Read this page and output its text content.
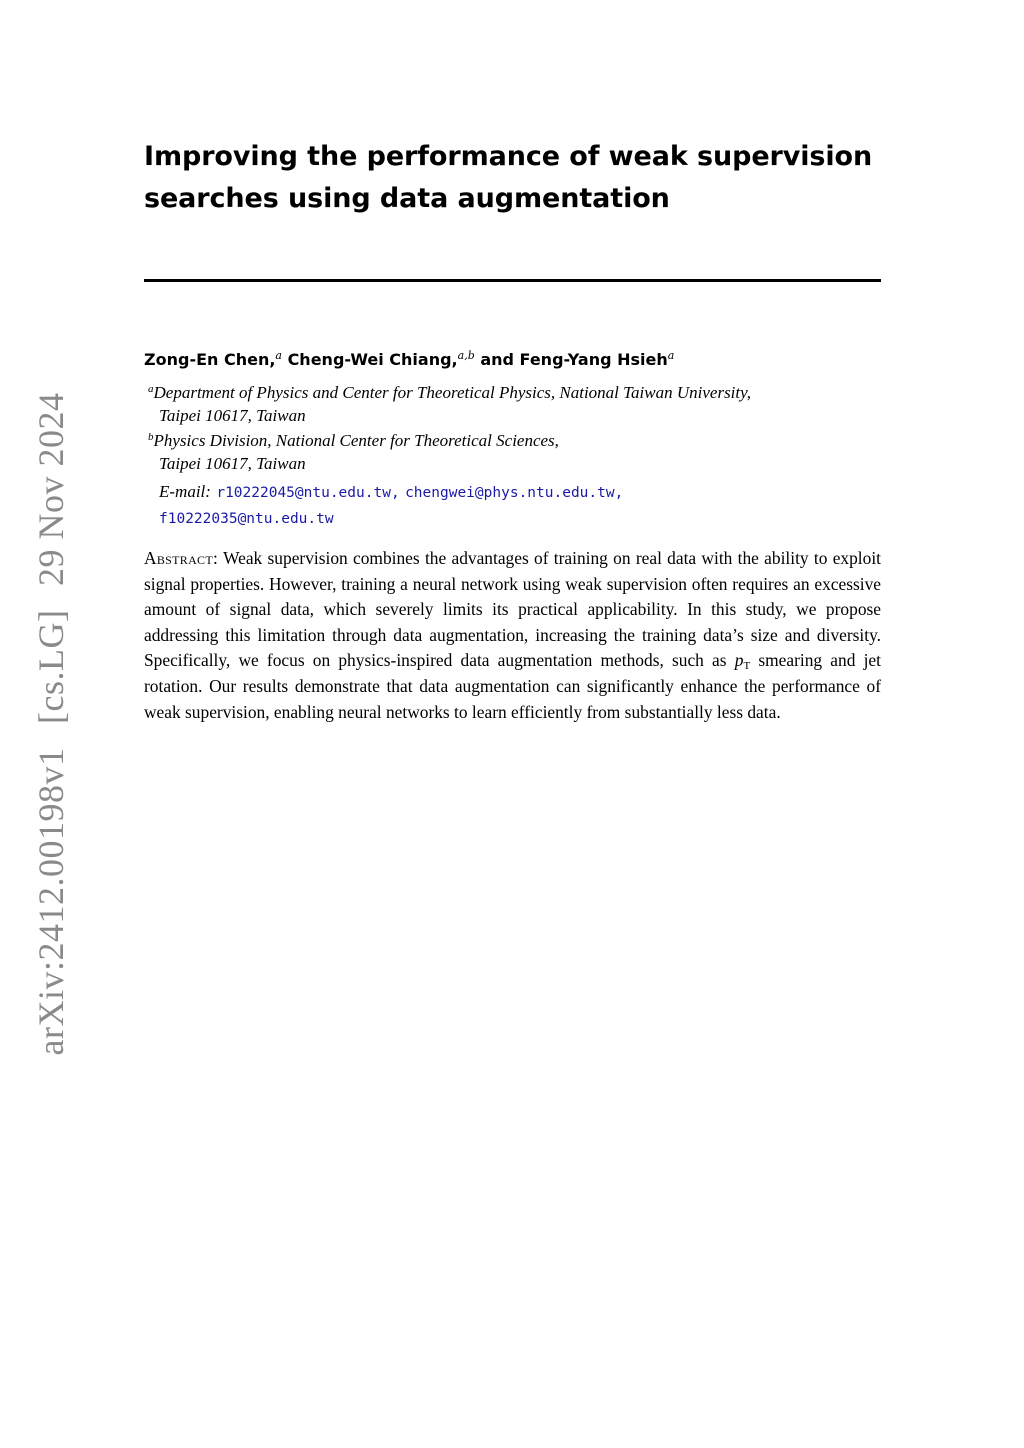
arXiv:2412.00198v1 [cs.LG] 29 Nov 2024
Improving the performance of weak supervision searches using data augmentation
Zong-En Chen,$^a$ Cheng-Wei Chiang,$^{a,b}$ and Feng-Yang Hsieh$^a$
$^a$Department of Physics and Center for Theoretical Physics, National Taiwan University,
Taipei 10617, Taiwan
$^b$Physics Division, National Center for Theoretical Sciences,
Taipei 10617, Taiwan
E-mail: r10222045@ntu.edu.tw, chengwei@phys.ntu.edu.tw,
f10222035@ntu.edu.tw

Abstract: Weak supervision combines the advantages of training on real data with the ability to exploit signal properties. However, training a neural network using weak supervision often requires an excessive amount of signal data, which severely limits its practical applicability. In this study, we propose addressing this limitation through data augmentation, increasing the training data’s size and diversity. Specifically, we focus on physics-inspired data augmentation methods, such as $p_T$ smearing and jet rotation. Our results demonstrate that data augmentation can significantly enhance the performance of weak supervision, enabling neural networks to learn efficiently from substantially less data.
